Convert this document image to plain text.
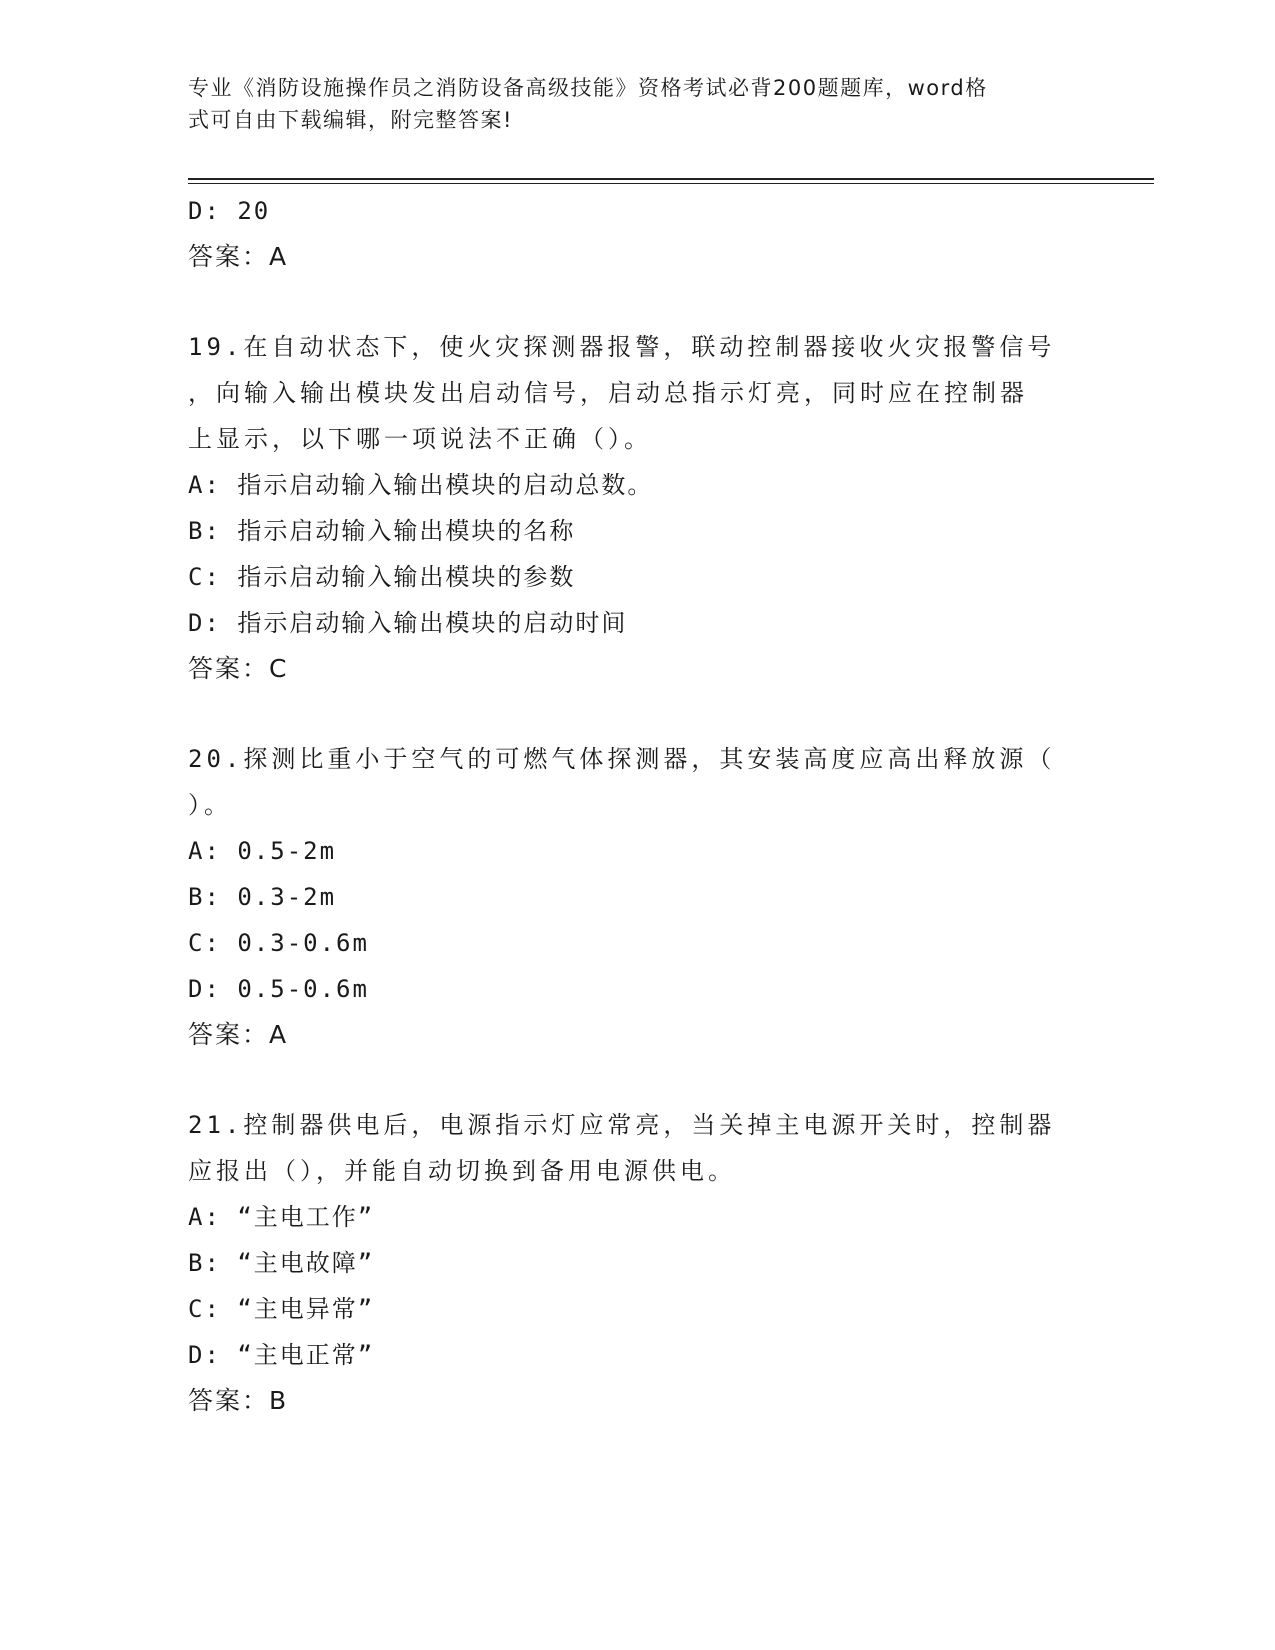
专业《消防设施操作员之消防设备高级技能》资格考试必背200题题库，word格
式可自由下载编辑，附完整答案!
D: 20
答案：A
19.在自动状态下，使火灾探测器报警，联动控制器接收火灾报警信号
，向输入输出模块发出启动信号，启动总指示灯亮，同时应在控制器
上显示，以下哪一项说法不正确（）。
A: 指示启动输入输出模块的启动总数。
B: 指示启动输入输出模块的名称
C: 指示启动输入输出模块的参数
D: 指示启动输入输出模块的启动时间
答案：C
20.探测比重小于空气的可燃气体探测器，其安装高度应高出释放源（
）。
A: 0.5-2m
B: 0.3-2m
C: 0.3-0.6m
D: 0.5-0.6m
答案：A
21.控制器供电后，电源指示灯应常亮，当关掉主电源开关时，控制器
应报出（），并能自动切换到备用电源供电。
A: “主电工作”
B: “主电故障”
C: “主电异常”
D: “主电正常”
答案：B
